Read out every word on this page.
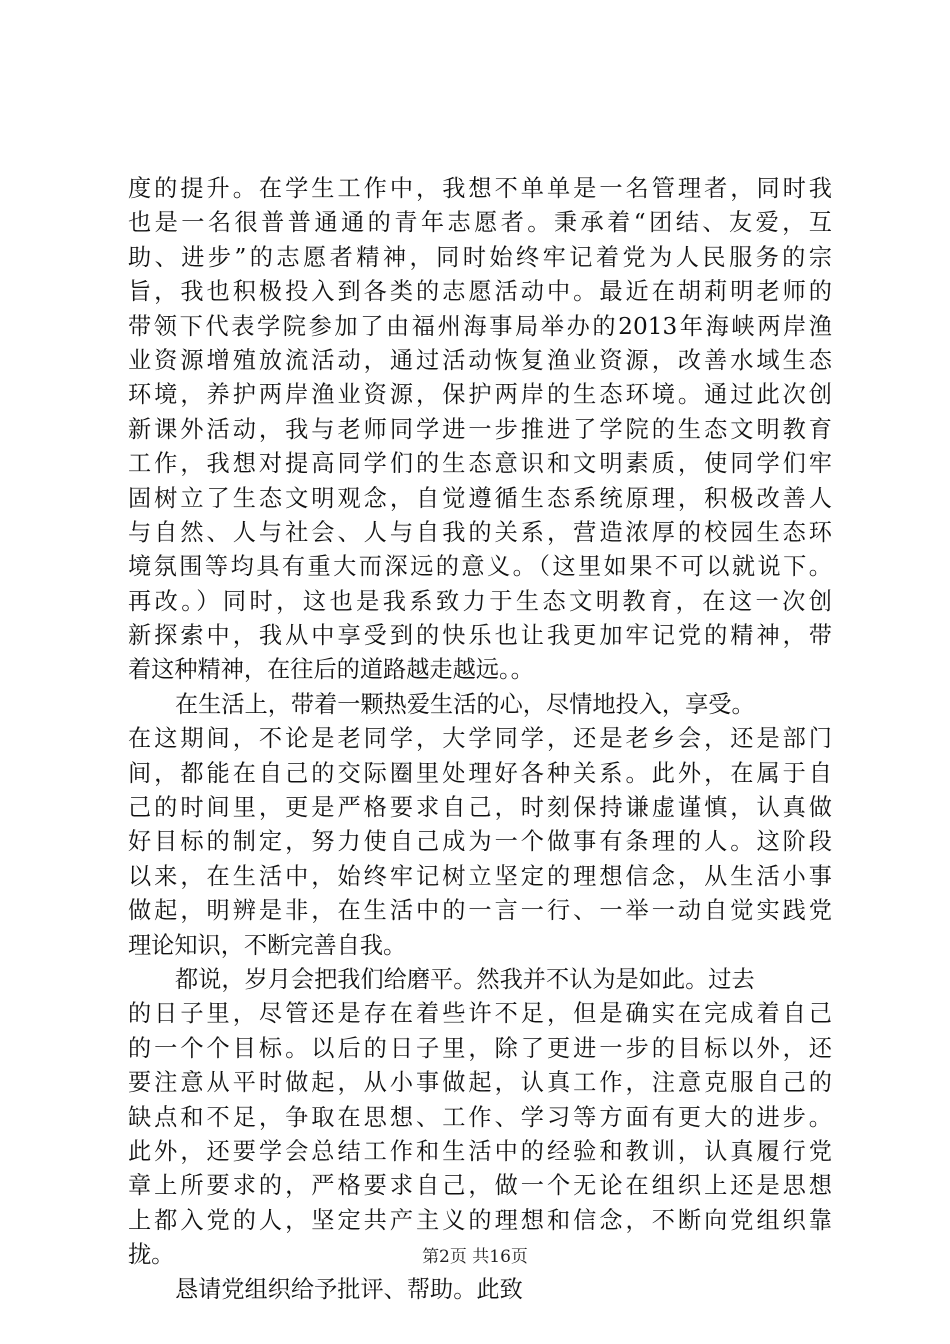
度的提升。在学生工作中，我想不单单是一名管理者，同时我
也是一名很普普通通的青年志愿者。秉承着“团结、友爱，互
助、进步”的志愿者精神，同时始终牢记着党为人民服务的宗
旨，我也积极投入到各类的志愿活动中。最近在胡莉明老师的
带领下代表学院参加了由福州海事局举办的2013年海峡两岸渔
业资源增殖放流活动，通过活动恢复渔业资源，改善水域生态
环境，养护两岸渔业资源，保护两岸的生态环境。通过此次创
新课外活动，我与老师同学进一步推进了学院的生态文明教育
工作，我想对提高同学们的生态意识和文明素质，使同学们牢
固树立了生态文明观念，自觉遵循生态系统原理，积极改善人
与自然、人与社会、人与自我的关系，营造浓厚的校园生态环
境氛围等均具有重大而深远的意义。（这里如果不可以就说下。
再改。）同时，这也是我系致力于生态文明教育，在这一次创
新探索中，我从中享受到的快乐也让我更加牢记党的精神，带
着这种精神，在往后的道路越走越远。。
在生活上，带着一颗热爱生活的心，尽情地投入，享受。
在这期间，不论是老同学，大学同学，还是老乡会，还是部门
间，都能在自己的交际圈里处理好各种关系。此外，在属于自
己的时间里，更是严格要求自己，时刻保持谦虚谨慎，认真做
好目标的制定，努力使自己成为一个做事有条理的人。这阶段
以来，在生活中，始终牢记树立坚定的理想信念，从生活小事
做起，明辨是非，在生活中的一言一行、一举一动自觉实践党
理论知识，不断完善自我。
都说，岁月会把我们给磨平。然我并不认为是如此。过去
的日子里，尽管还是存在着些许不足，但是确实在完成着自己
的一个个目标。以后的日子里，除了更进一步的目标以外，还
要注意从平时做起，从小事做起，认真工作，注意克服自己的
缺点和不足，争取在思想、工作、学习等方面有更大的进步。
此外，还要学会总结工作和生活中的经验和教训，认真履行党
章上所要求的，严格要求自己，做一个无论在组织上还是思想
上都入党的人，坚定共产主义的理想和信念，不断向党组织靠
拢。
恳请党组织给予批评、帮助。此致
第2页 共16页
